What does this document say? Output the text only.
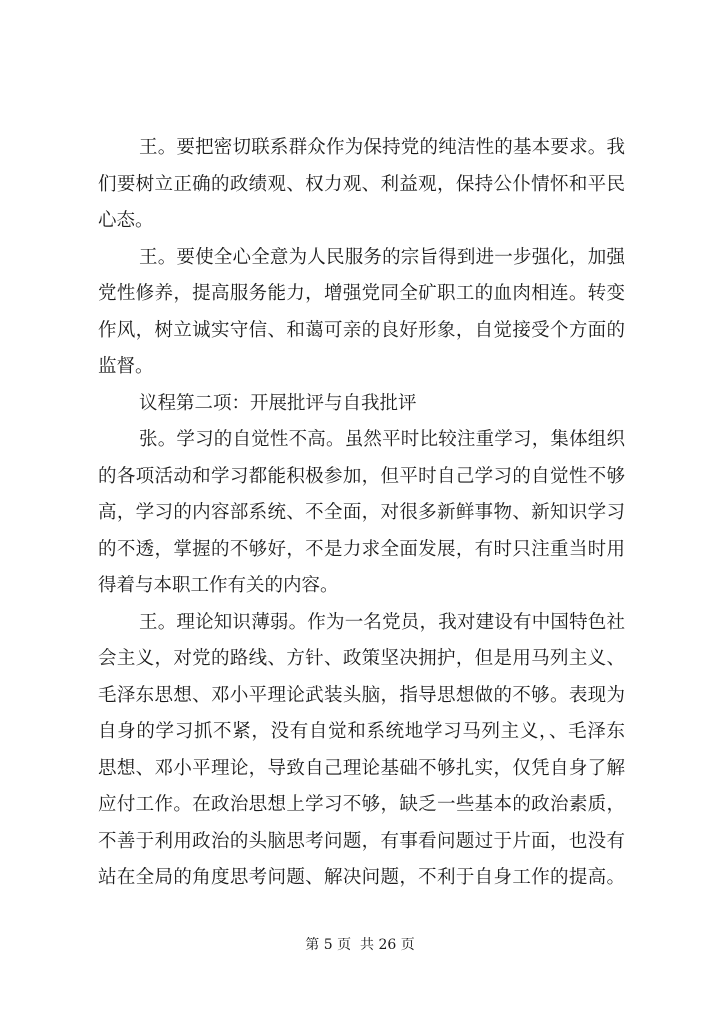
王。要把密切联系群众作为保持党的纯洁性的基本要求。我
们要树立正确的政绩观、权力观、利益观，保持公仆情怀和平民
心态。
王。要使全心全意为人民服务的宗旨得到进一步强化，加强
党性修养，提高服务能力，增强党同全矿职工的血肉相连。转变
作风，树立诚实守信、和蔼可亲的良好形象，自觉接受个方面的
监督。
议程第二项：开展批评与自我批评
张。学习的自觉性不高。虽然平时比较注重学习，集体组织
的各项活动和学习都能积极参加，但平时自己学习的自觉性不够
高，学习的内容部系统、不全面，对很多新鲜事物、新知识学习
的不透，掌握的不够好，不是力求全面发展，有时只注重当时用
得着与本职工作有关的内容。
王。理论知识薄弱。作为一名党员，我对建设有中国特色社
会主义，对党的路线、方针、政策坚决拥护，但是用马列主义、
毛泽东思想、邓小平理论武装头脑，指导思想做的不够。表现为
自身的学习抓不紧，没有自觉和系统地学习马列主义，、毛泽东
思想、邓小平理论，导致自己理论基础不够扎实，仅凭自身了解
应付工作。在政治思想上学习不够，缺乏一些基本的政治素质，
不善于利用政治的头脑思考问题，有事看问题过于片面，也没有
站在全局的角度思考问题、解决问题，不利于自身工作的提高。
第 5 页  共 26 页
